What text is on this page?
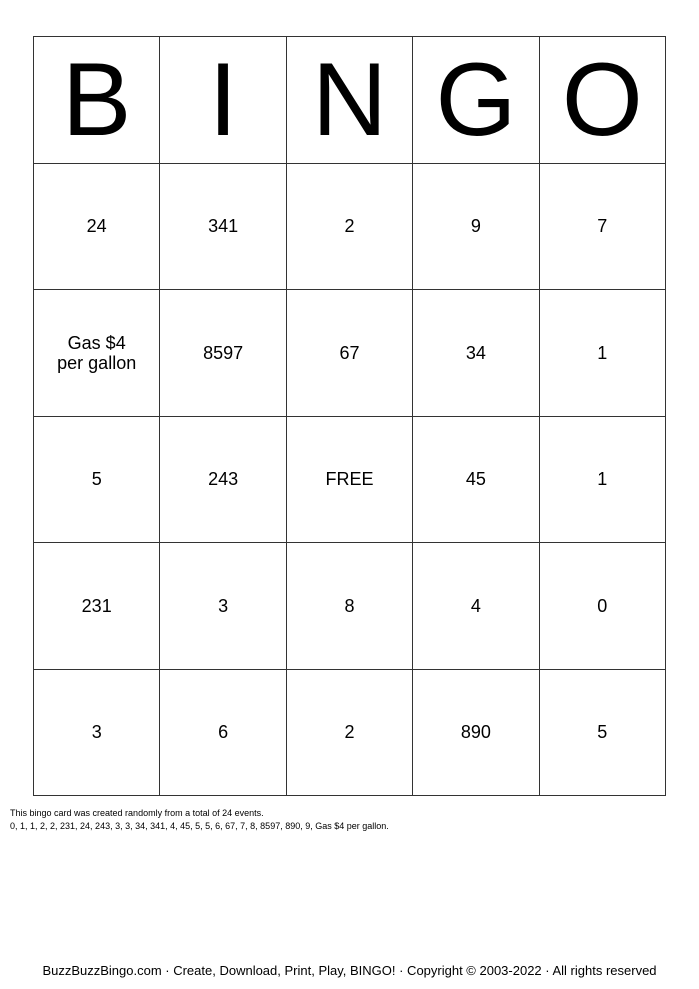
B I N G O
24	341	2	9	7
Gas $4 per gallon	8597	67	34	1
5	243	FREE	45	1
231	3	8	4	0
3	6	2	890	5
This bingo card was created randomly from a total of 24 events.
0, 1, 1, 2, 2, 231, 24, 243, 3, 3, 34, 341, 4, 45, 5, 5, 6, 67, 7, 8, 8597, 890, 9, Gas $4 per gallon.
BuzzBuzzBingo.com · Create, Download, Print, Play, BINGO! · Copyright © 2003-2022 · All rights reserved
